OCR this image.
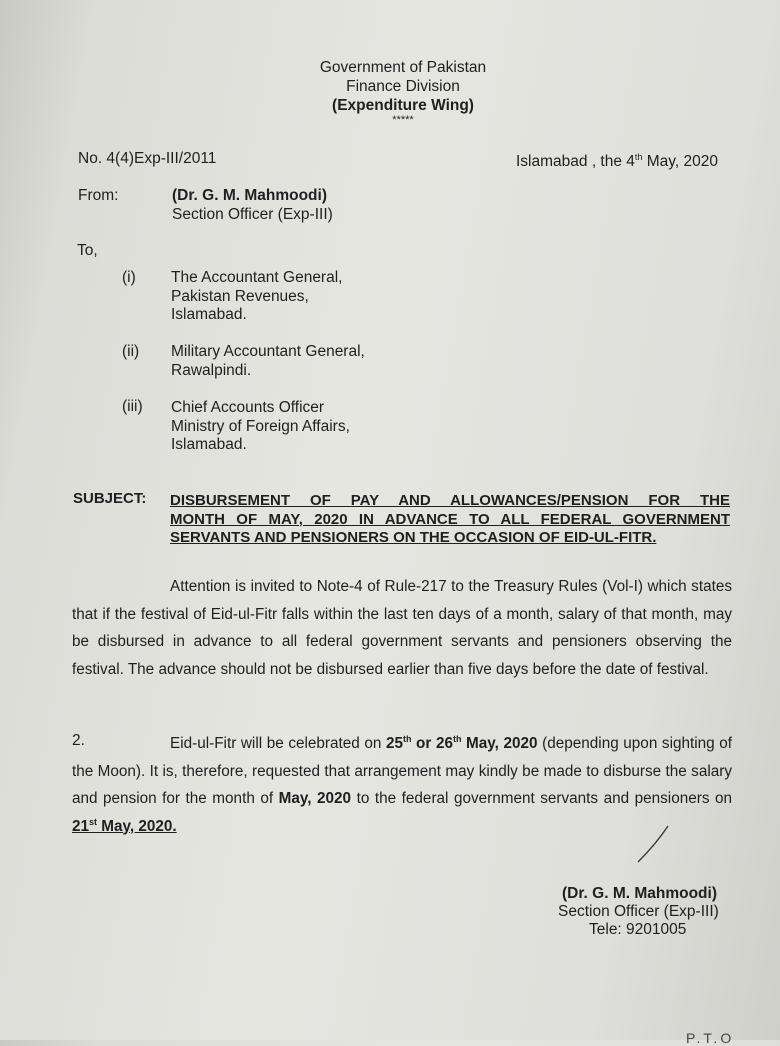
Government of Pakistan
Finance Division
(Expenditure Wing)
*****
No. 4(4)Exp-III/2011	Islamabad , the 4th May, 2020
From:	(Dr. G. M. Mahmoodi)
Section Officer (Exp-III)
To,
(i) The Accountant General,
Pakistan Revenues,
Islamabad.
(ii) Military Accountant General,
Rawalpindi.
(iii) Chief Accounts Officer
Ministry of Foreign Affairs,
Islamabad.
SUBJECT: DISBURSEMENT OF PAY AND ALLOWANCES/PENSION FOR THE
MONTH OF MAY, 2020 IN ADVANCE TO ALL FEDERAL GOVERNMENT
SERVANTS AND PENSIONERS ON THE OCCASION OF EID-UL-FITR.
Attention is invited to Note-4 of Rule-217 to the Treasury Rules (Vol-I) which states that if the festival of Eid-ul-Fitr falls within the last ten days of a month, salary of that month, may be disbursed in advance to all federal government servants and pensioners observing the festival. The advance should not be disbursed earlier than five days before the date of festival.
2.	Eid-ul-Fitr will be celebrated on 25th or 26th May, 2020 (depending upon sighting of the Moon). It is, therefore, requested that arrangement may kindly be made to disburse the salary and pension for the month of May, 2020 to the federal government servants and pensioners on 21st May, 2020.
(Dr. G. M. Mahmoodi)
Section Officer (Exp-III)
Tele: 9201005
P.T.O
